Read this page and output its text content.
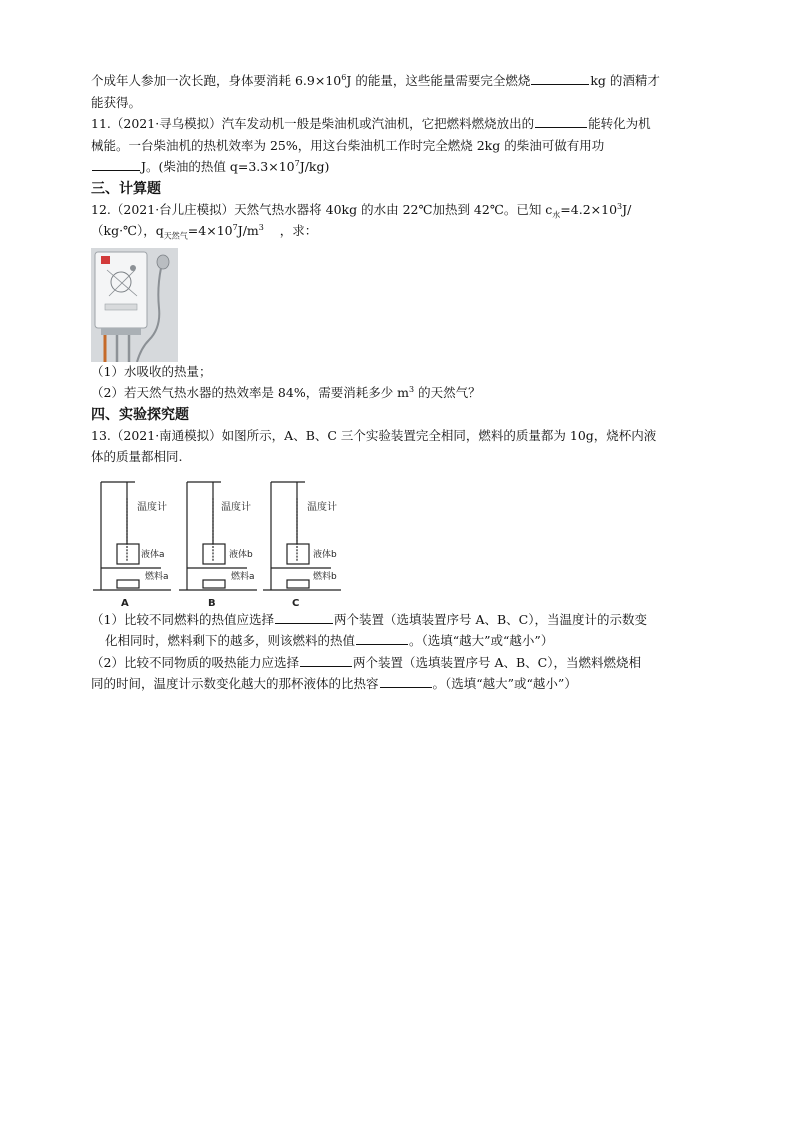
个成年人参加一次长跑，身体要消耗 $6.9\times 10^6J$ 的能量，这些能量需要完全燃烧	kg 的酒精才

能获得。

11.（2021·寻乌模拟）汽车发动机一般是柴油机或汽油机，它把燃料燃烧放出的	能转化为机

械能。一台柴油机的热机效率为 25%，用这台柴油机工作时完全燃烧 2kg 的柴油可做有用功

J。(柴油的热值 $q=3.3\times 10^7J/kg$)

三、计算题

12.（2021·台儿庄模拟）天然气热水器将 40kg 的水由 22℃加热到 42℃。已知 $c_水=4.2\times 10^3J/$

（kg·℃），$q_{天然气}=4\times 10^7J/m^3$ ，求：

（1）水吸收的热量；

（2）若天然气热水器的热效率是 84%，需要消耗多少 $m^3$ 的天然气？

四、实验探究题

13.（2021·南通模拟）如图所示，A、B、C 三个实验装置完全相同，燃料的质量都为 10g，烧杯内液

体的质量都相同.

（1）比较不同燃料的热值应选择	两个装置（选填装置序号 A、B、C），当温度计的示数变

化相同时，燃料剩下的越多，则该燃料的热值	。（选填“越大”或“越小”）

（2）比较不同物质的吸热能力应选择	两个装置（选填装置序号 A、B、C），当燃料燃烧相

同的时间，温度计示数变化越大的那杯液体的比热容	。（选填“越大”或“越小”）

温度计
液体a
燃料a
A
温度计
液体b
燃料a
B
温度计
液体b
燃料b
C
